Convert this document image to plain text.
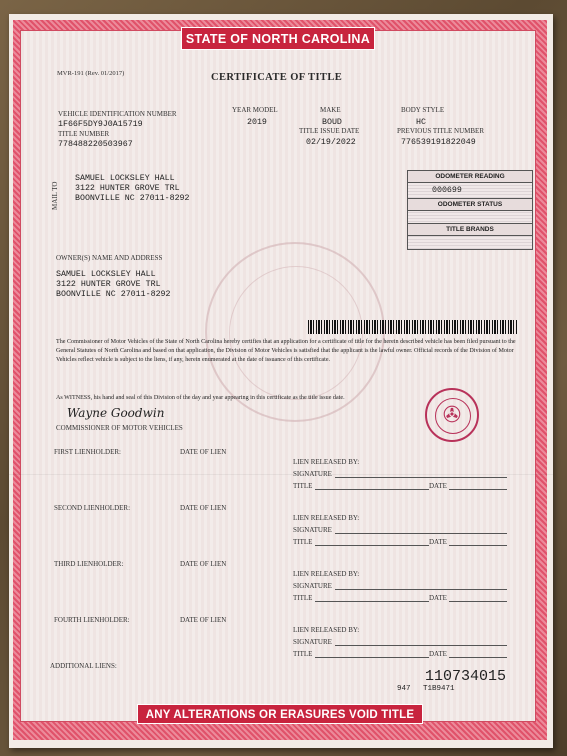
STATE OF NORTH CAROLINA
MVR-191 (Rev. 01/2017)	CERTIFICATE OF TITLE
VEHICLE IDENTIFICATION NUMBER
1F66F5DY9J0A15719
TITLE NUMBER
778488220503967
YEAR MODEL
2019
MAKE
BOUD
TITLE ISSUE DATE
02/19/2022
BODY STYLE
HC
PREVIOUS TITLE NUMBER
776539191822049
ODOMETER READING
000699
ODOMETER STATUS
TITLE BRANDS
MAIL TO
SAMUEL LOCKSLEY HALL
3122 HUNTER GROVE TRL
BOONVILLE NC 27011-8292
OWNER(S) NAME AND ADDRESS
SAMUEL LOCKSLEY HALL
3122 HUNTER GROVE TRL
BOONVILLE NC 27011-8292
The Commissioner of Motor Vehicles of the State of North Carolina hereby certifies that an application for a certificate of title for the herein described vehicle has been filed pursuant to the General Statutes of North Carolina and based on that application, the Division of Motor Vehicles is satisfied that the applicant is the lawful owner. Official records of the Division of Motor Vehicles reflect vehicle is subject to the liens, if any, herein enumerated at the date of issuance of this certificate.
As WITNESS, his hand and seal of this Division of the day and year appearing in this certificate as the title issue date.
Wayne Goodwin
COMMISSIONER OF MOTOR VEHICLES
✇
FIRST LIENHOLDER:	DATE OF LIEN
LIEN RELEASED BY:
SIGNATURE
TITLE	DATE
SECOND LIENHOLDER:	DATE OF LIEN
LIEN RELEASED BY:
SIGNATURE
TITLE	DATE
THIRD LIENHOLDER:	DATE OF LIEN
LIEN RELEASED BY:
SIGNATURE
TITLE	DATE
FOURTH LIENHOLDER:	DATE OF LIEN
LIEN RELEASED BY:
SIGNATURE
TITLE	DATE
ADDITIONAL LIENS:
110734015
947 T1B9471
ANY ALTERATIONS OR ERASURES VOID TITLE
